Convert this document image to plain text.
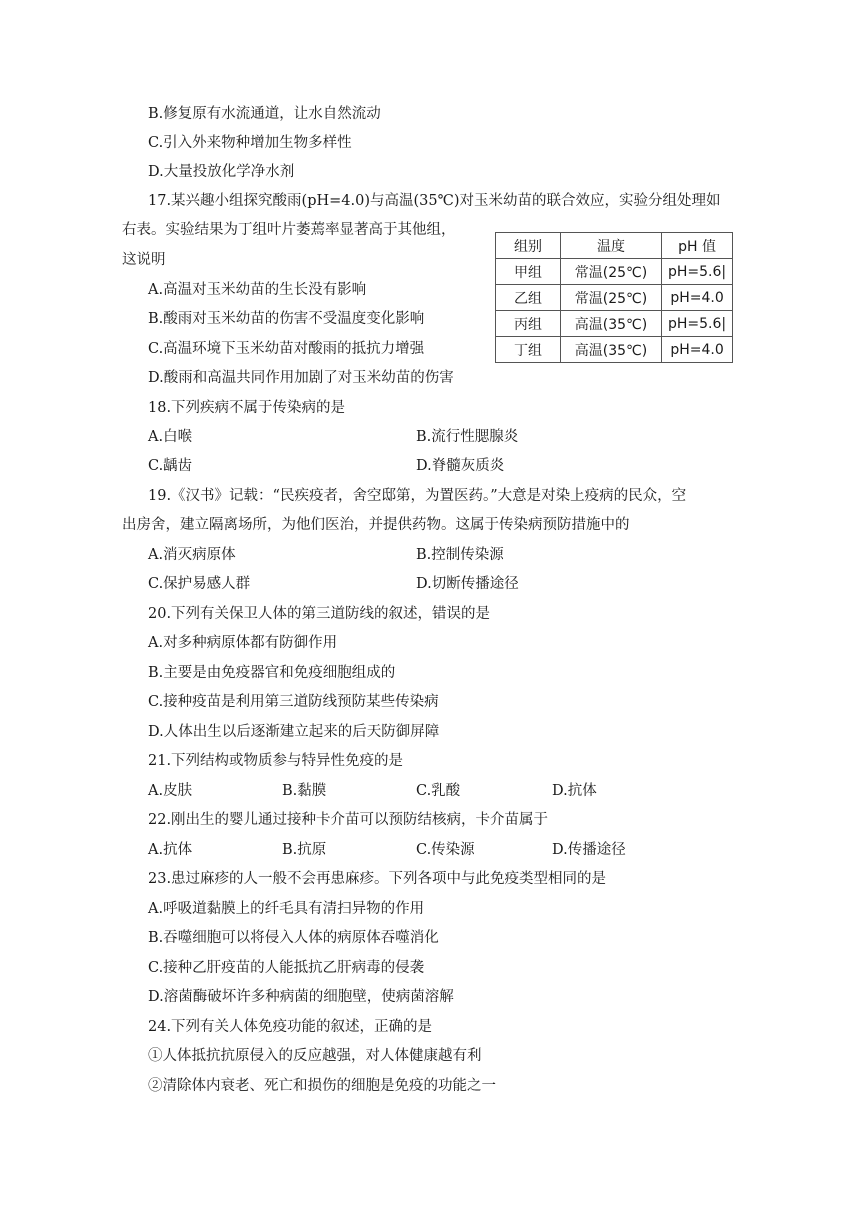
B.修复原有水流通道，让水自然流动
C.引入外来物种增加生物多样性
D.大量投放化学净水剂
17.某兴趣小组探究酸雨(pH=4.0)与高温(35℃)对玉米幼苗的联合效应，实验分组处理如
右表。实验结果为丁组叶片萎蔫率显著高于其他组，
这说明
A.高温对玉米幼苗的生长没有影响
B.酸雨对玉米幼苗的伤害不受温度变化影响
C.高温环境下玉米幼苗对酸雨的抵抗力增强
D.酸雨和高温共同作用加剧了对玉米幼苗的伤害
组别	温度	pH 值
甲组	常温(25℃)	pH=5.6|
乙组	常温(25℃)	pH=4.0
丙组	高温(35℃)	pH=5.6|
丁组	高温(35℃)	pH=4.0
18.下列疾病不属于传染病的是
A.白喉	B.流行性腮腺炎
C.龋齿	D.脊髓灰质炎
19.《汉书》记载：“民疾疫者，舍空邸第，为置医药。”大意是对染上疫病的民众，空
出房舍，建立隔离场所，为他们医治，并提供药物。这属于传染病预防措施中的
A.消灭病原体	B.控制传染源
C.保护易感人群	D.切断传播途径
20.下列有关保卫人体的第三道防线的叙述，错误的是
A.对多种病原体都有防御作用
B.主要是由免疫器官和免疫细胞组成的
C.接种疫苗是利用第三道防线预防某些传染病
D.人体出生以后逐渐建立起来的后天防御屏障
21.下列结构或物质参与特异性免疫的是
A.皮肤	B.黏膜	C.乳酸	D.抗体
22.刚出生的婴儿通过接种卡介苗可以预防结核病，卡介苗属于
A.抗体	B.抗原	C.传染源	D.传播途径
23.患过麻疹的人一般不会再患麻疹。下列各项中与此免疫类型相同的是
A.呼吸道黏膜上的纤毛具有清扫异物的作用
B.吞噬细胞可以将侵入人体的病原体吞噬消化
C.接种乙肝疫苗的人能抵抗乙肝病毒的侵袭
D.溶菌酶破坏许多种病菌的细胞壁，使病菌溶解
24.下列有关人体免疫功能的叙述，正确的是
①人体抵抗抗原侵入的反应越强，对人体健康越有利
②清除体内衰老、死亡和损伤的细胞是免疫的功能之一
